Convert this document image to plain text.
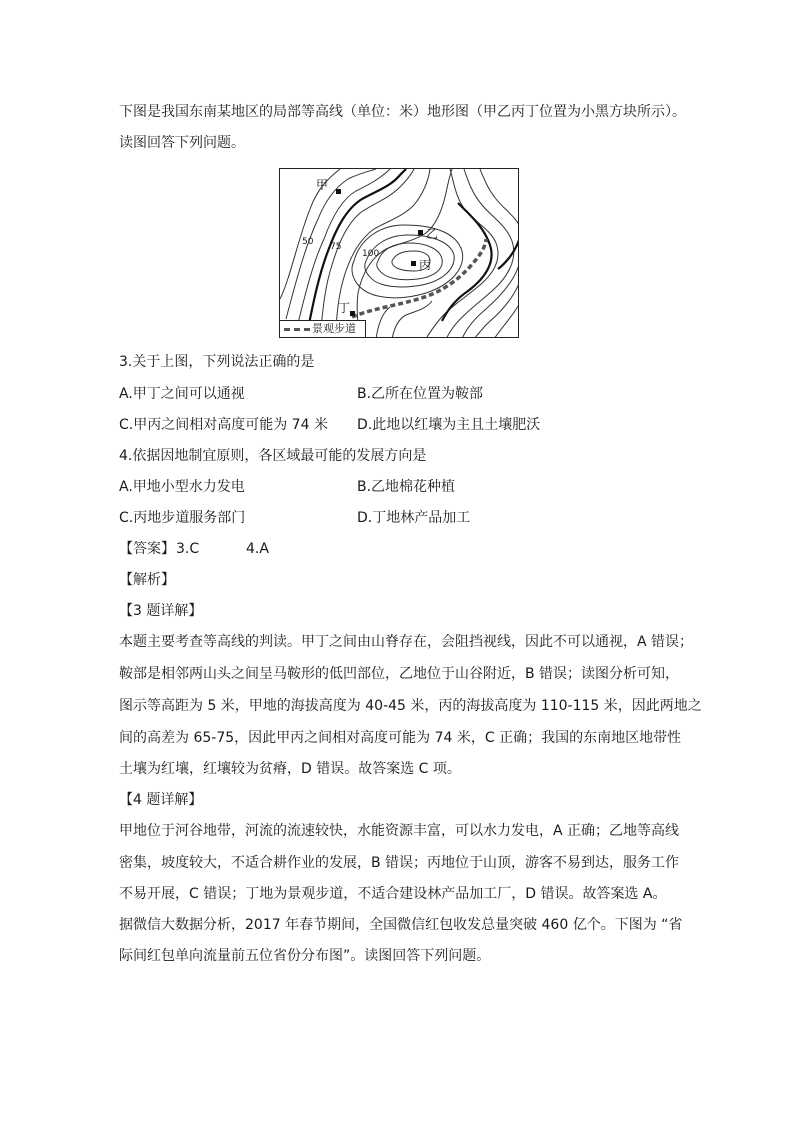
下图是我国东南某地区的局部等高线（单位：米）地形图（甲乙丙丁位置为小黑方块所示）。
读图回答下列问题。
甲
乙
丙
丁
50 75
100
景观步道
3.关于上图，下列说法正确的是
A.甲丁之间可以通视	B.乙所在位置为鞍部
C.甲丙之间相对高度可能为 74 米 D.此地以红壤为主且土壤肥沃
4.依据因地制宜原则，各区域最可能的发展方向是
A.甲地小型水力发电	B.乙地棉花种植
C.丙地步道服务部门	D.丁地林产品加工
【答案】 3.C	4.A
【解析】
【3 题详解】
本题主要考查等高线的判读。甲丁之间由山脊存在，会阻挡视线，因此不可以通视，A 错误；
鞍部是相邻两山头之间呈马鞍形的低凹部位，乙地位于山谷附近，B 错误；读图分析可知，
图示等高距为 5 米，甲地的海拔高度为 40-45 米，丙的海拔高度为 110-115 米，因此两地之
间的高差为 65-75，因此甲丙之间相对高度可能为 74 米，C 正确；我国的东南地区地带性
土壤为红壤，红壤较为贫瘠，D 错误。故答案选 C 项。
【4 题详解】
甲地位于河谷地带，河流的流速较快，水能资源丰富，可以水力发电，A 正确；乙地等高线
密集，坡度较大，不适合耕作业的发展，B 错误；丙地位于山顶，游客不易到达，服务工作
不易开展，C 错误；丁地为景观步道，不适合建设林产品加工厂，D 错误。故答案选 A。
据微信大数据分析，2017 年春节期间，全国微信红包收发总量突破 460 亿个。下图为 “省
际间红包单向流量前五位省份分布图”。读图回答下列问题。
